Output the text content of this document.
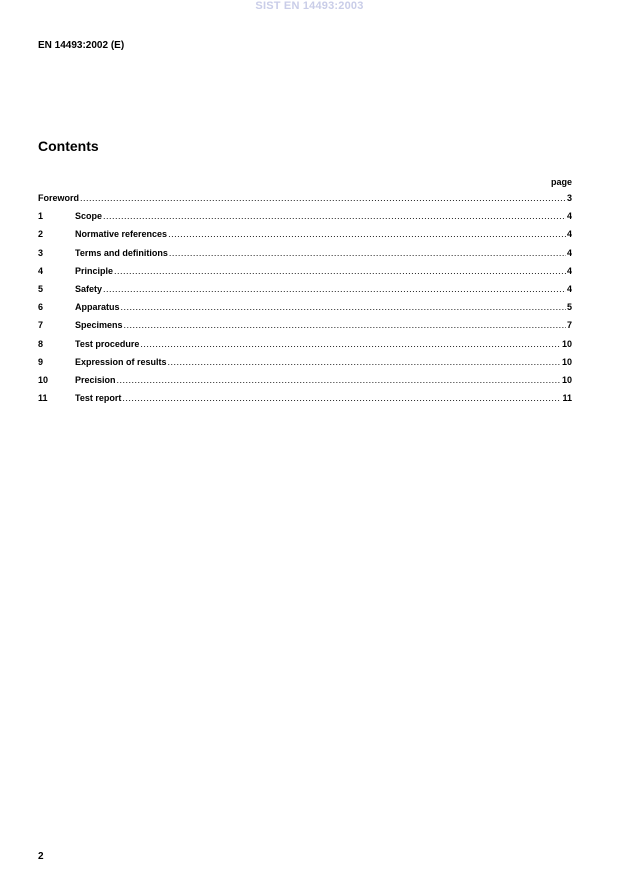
SIST EN 14493:2003
EN 14493:2002 (E)
Contents
page
Foreword .....	3
1	Scope .....	4
2	Normative references .....	4
3	Terms and definitions .....	4
4	Principle .....	4
5	Safety .....	4
6	Apparatus .....	5
7	Specimens .....	7
8	Test procedure .....	10
9	Expression of results .....	10
10	Precision .....	10
11	Test report .....	11
2
